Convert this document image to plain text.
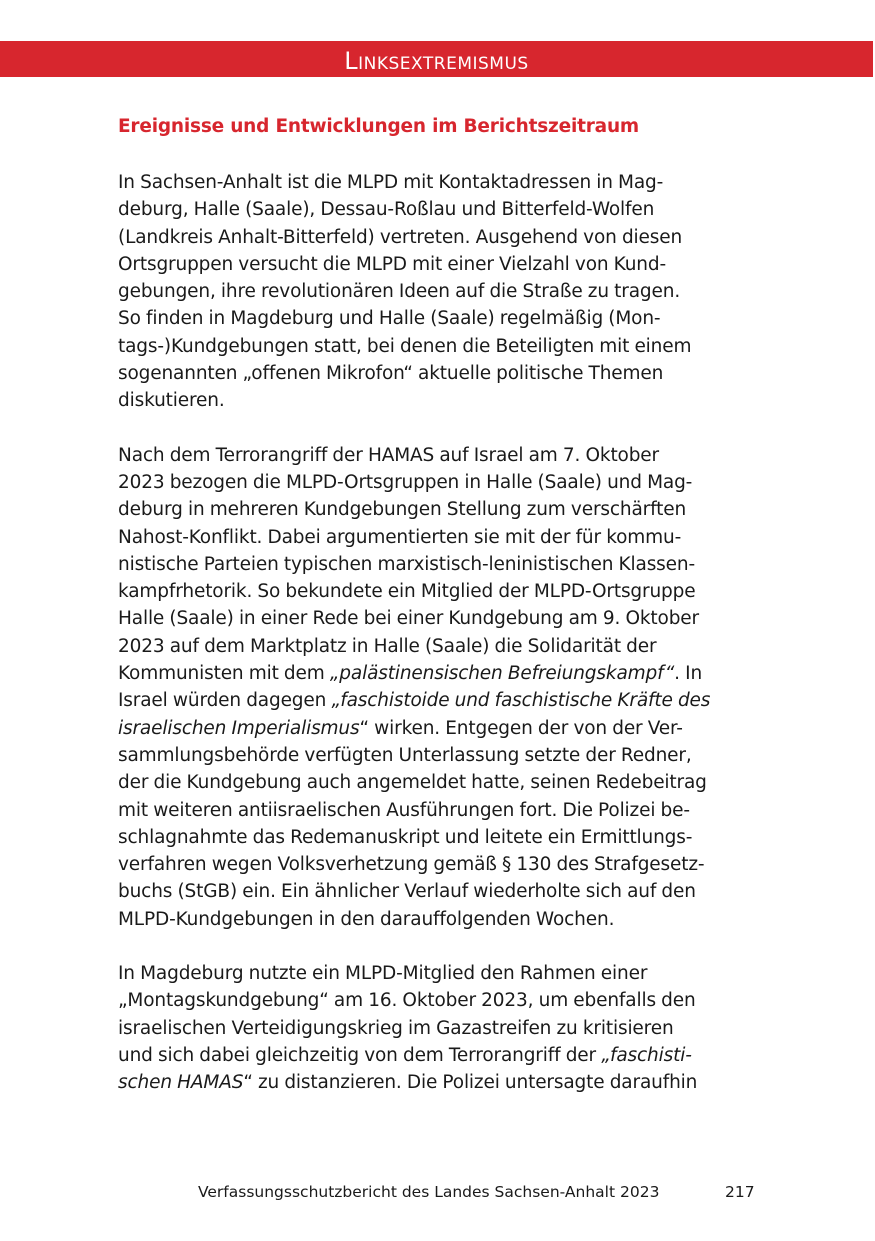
Linksextremismus
Ereignisse und Entwicklungen im Berichtszeitraum

In Sachsen-Anhalt ist die MLPD mit Kontaktadressen in Mag-
deburg, Halle (Saale), Dessau-Roßlau und Bitterfeld-Wolfen
(Landkreis Anhalt-Bitterfeld) vertreten. Ausgehend von diesen
Ortsgruppen versucht die MLPD mit einer Vielzahl von Kund-
gebungen, ihre revolutionären Ideen auf die Straße zu tragen.
So finden in Magdeburg und Halle (Saale) regelmäßig (Mon-
tags-)Kundgebungen statt, bei denen die Beteiligten mit einem
sogenannten „offenen Mikrofon“ aktuelle politische Themen
diskutieren.

Nach dem Terrorangriff der HAMAS auf Israel am 7. Oktober
2023 bezogen die MLPD-Ortsgruppen in Halle (Saale) und Mag-
deburg in mehreren Kundgebungen Stellung zum verschärften
Nahost-Konflikt. Dabei argumentierten sie mit der für kommu-
nistische Parteien typischen marxistisch-leninistischen Klassen-
kampfrhetorik. So bekundete ein Mitglied der MLPD-Ortsgruppe
Halle (Saale) in einer Rede bei einer Kundgebung am 9. Oktober
2023 auf dem Marktplatz in Halle (Saale) die Solidarität der
Kommunisten mit dem „palästinensischen Befreiungskampf“. In
Israel würden dagegen „faschistoide und faschistische Kräfte des
israelischen Imperialismus“ wirken. Entgegen der von der Ver-
sammlungsbehörde verfügten Unterlassung setzte der Redner,
der die Kundgebung auch angemeldet hatte, seinen Redebeitrag
mit weiteren antiisraelischen Ausführungen fort. Die Polizei be-
schlagnahmte das Redemanuskript und leitete ein Ermittlungs-
verfahren wegen Volksverhetzung gemäß § 130 des Strafgesetz-
buchs (StGB) ein. Ein ähnlicher Verlauf wiederholte sich auf den
MLPD-Kundgebungen in den darauffolgenden Wochen.

In Magdeburg nutzte ein MLPD-Mitglied den Rahmen einer
„Montagskundgebung“ am 16. Oktober 2023, um ebenfalls den
israelischen Verteidigungskrieg im Gazastreifen zu kritisieren
und sich dabei gleichzeitig von dem Terrorangriff der „faschisti-
schen HAMAS“ zu distanzieren. Die Polizei untersagte daraufhin

Verfassungsschutzbericht des Landes Sachsen-Anhalt 2023	217
